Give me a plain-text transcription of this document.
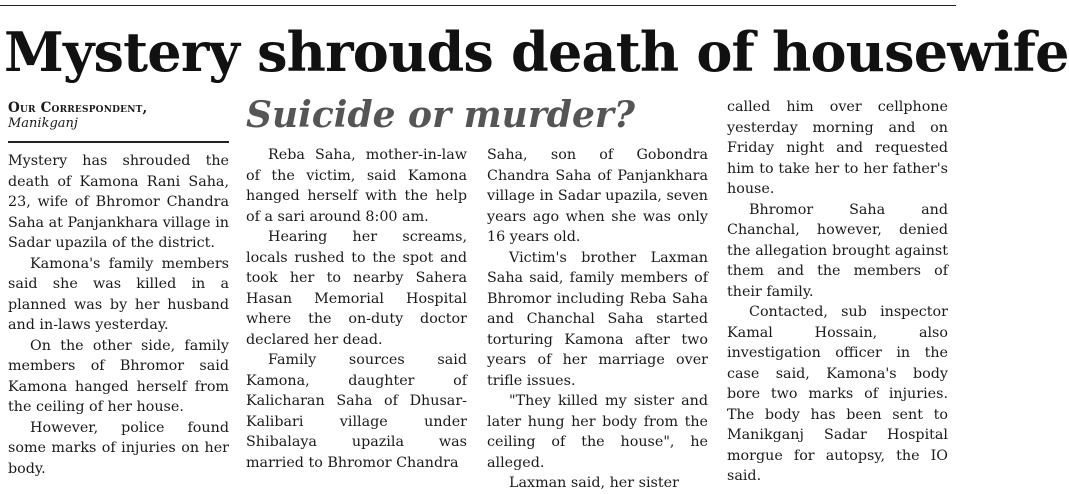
Mystery shrouds death of housewife
Our Correspondent,
Manikganj	Suicide or murder?

Mystery has shrouded the death of Kamona Rani Saha, 23, wife of Bhromor Chandra Saha at Panjankhara village in Sadar upazila of the district.

Kamona's family members said she was killed in a planned was by her husband and in-laws yesterday.

On the other side, family members of Bhromor said Kamona hanged herself from the ceiling of her house.

However, police found some marks of injuries on her body.

Reba Saha, mother-in-law of the victim, said Kamona hanged herself with the help of a sari around 8:00 am.

Hearing her screams, locals rushed to the spot and took her to nearby Sahera Hasan Memorial Hospital where the on-duty doctor declared her dead.

Family sources said Kamona, daughter of Kalicharan Saha of Dhusar-Kalibari village under Shibalaya upazila was married to Bhromor Chandra

Saha, son of Gobondra Chandra Saha of Panjankhara village in Sadar upazila, seven years ago when she was only 16 years old.

Victim's brother Laxman Saha said, family members of Bhromor including Reba Saha and Chanchal Saha started torturing Kamona after two years of her marriage over trifle issues.

"They killed my sister and later hung her body from the ceiling of the house", he alleged.

Laxman said, her sister

called him over cellphone yesterday morning and on Friday night and requested him to take her to her father's house.

Bhromor Saha and Chanchal, however, denied the allegation brought against them and the members of their family.

Contacted, sub inspector Kamal Hossain, also investigation officer in the case said, Kamona's body bore two marks of injuries. The body has been sent to Manikganj Sadar Hospital morgue for autopsy, the IO said.
